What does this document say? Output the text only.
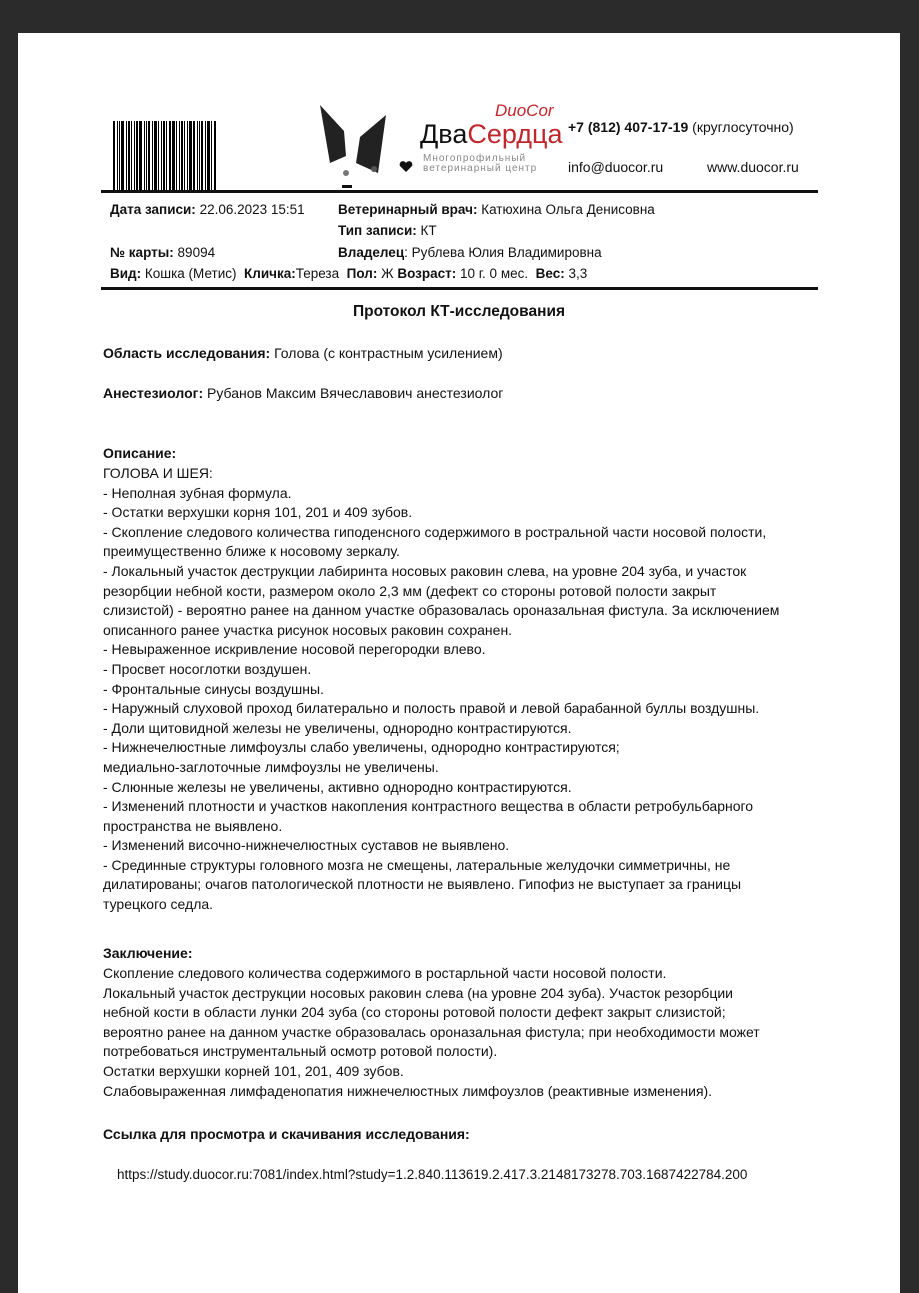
DuoCor
ДваСердца
Многопрофильный
ветеринарный центр
+7 (812) 407-17-19 (круглосуточно)
info@duocor.ru	www.duocor.ru
Дата записи: 22.06.2023 15:51 Ветеринарный врач: Катюхина Ольга Денисовна
Тип записи: КТ
№ карты: 89094	Владелец: Рублева Юлия Владимировна
Вид: Кошка (Метис) Кличка:Тереза Пол: Ж Возраст: 10 г. 0 мес. Вес: 3,3
Протокол КТ-исследования
Область исследования: Голова (с контрастным усилением)
Анестезиолог: Рубанов Максим Вячеславович анестезиолог
Описание:
ГОЛОВА И ШЕЯ:
- Неполная зубная формула.
- Остатки верхушки корня 101, 201 и 409 зубов.
- Скопление следового количества гиподенсного содержимого в ростральной части носовой полости,
преимущественно ближе к носовому зеркалу.
- Локальный участок деструкции лабиринта носовых раковин слева, на уровне 204 зуба, и участок
резорбции небной кости, размером около 2,3 мм (дефект со стороны ротовой полости закрыт
слизистой) - вероятно ранее на данном участке образовалась ороназальная фистула. За исключением
описанного ранее участка рисунок носовых раковин сохранен.
- Невыраженное искривление носовой перегородки влево.
- Просвет носоглотки воздушен.
- Фронтальные синусы воздушны.
- Наружный слуховой проход билатерально и полость правой и левой барабанной буллы воздушны.
- Доли щитовидной железы не увеличены, однородно контрастируются.
- Нижнечелюстные лимфоузлы слабо увеличены, однородно контрастируются;
медиально-заглоточные лимфоузлы не увеличены.
- Слюнные железы не увеличены, активно однородно контрастируются.
- Изменений плотности и участков накопления контрастного вещества в области ретробульбарного
пространства не выявлено.
- Изменений височно-нижнечелюстных суставов не выявлено.
- Срединные структуры головного мозга не смещены, латеральные желудочки симметричны, не
дилатированы; очагов патологической плотности не выявлено. Гипофиз не выступает за границы
турецкого седла.
Заключение:
Скопление следового количества содержимого в ростарльной части носовой полости.
Локальный участок деструкции носовых раковин слева (на уровне 204 зуба). Участок резорбции
небной кости в области лунки 204 зуба (со стороны ротовой полости дефект закрыт слизистой;
вероятно ранее на данном участке образовалась ороназальная фистула; при необходимости может
потребоваться инструментальный осмотр ротовой полости).
Остатки верхушки корней 101, 201, 409 зубов.
Слабовыраженная лимфаденопатия нижнечелюстных лимфоузлов (реактивные изменения).
Ссылка для просмотра и скачивания исследования:
https://study.duocor.ru:7081/index.html?study=1.2.840.113619.2.417.3.2148173278.703.1687422784.200
